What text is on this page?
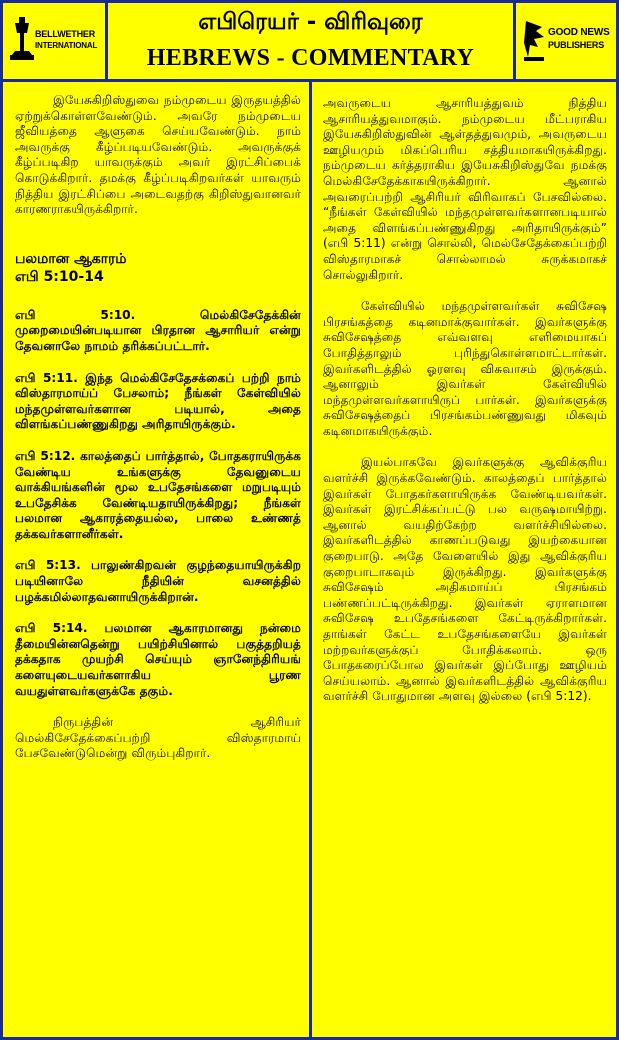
BELLWETHER
INTERNATIONAL
எபிரெயர் - விரிவுரை
HEBREWS - COMMENTARY
GOOD NEWS
PUBLISHERS

இயேசுகிறிஸ்துவை நம்முடைய இருதயத்தில் ஏற்றுக்கொள்ளவேண்டும். அவரே நம்முடைய ஜீவியத்தை ஆளுகை செய்யவேண்டும். நாம் அவருக்கு கீழ்ப்படியவேண்டும். அவருக்குக் கீழ்ப்படிகிற யாவருக்கும் அவர் இரட்சிப்பைக் கொடுக்கிறார். தமக்கு கீழ்ப்படிகிறவர்கள் யாவரும் நித்திய இரட்சிப்பை அடைவதற்கு கிறிஸ்துவானவர் காரணராகயிருக்கிறார்.

பலமான ஆகாரம்
எபி 5:10-14

எபி 5:10. மெல்கிசேதேக்கின் முறைமையின்படியான பிரதான ஆசாரியர் என்று தேவனாலே நாமம் தரிக்கப்பட்டார்.

எபி 5:11. இந்த மெல்கிசேதேசக்கைப் பற்றி நாம் விஸ்தாரமாய்ப் பேசலாம்; நீங்கள் கேள்வியில் மந்தமுள்ளவர்களான படியால், அதை விளங்கப்பண்ணுகிறது அரிதாயிருக்கும்.

எபி 5:12. காலத்தைப் பார்த்தால், போதகராயிருக்க வேண்டிய உங்களுக்கு தேவனுடைய வாக்கியங்களின் மூல உபதேசங்களை மறுபடியும் உபதேசிக்க வேண்டியதாயிருக்கிறது; நீங்கள் பலமான ஆகாரத்தையல்ல, பாலை உண்ணத் தக்கவர்களானீர்கள்.

எபி 5:13. பாலுண்கிறவன் குழந்தையாயிருக்கிற படியினாலே நீதியின் வசனத்தில் பழக்கமில்லாதவனாயிருக்கிறான்.

எபி 5:14. பலமான ஆகாரமானது நன்மை தீமையின்னதென்று பயிற்சியினால் பகுத்தறியத் தக்கதாக முயற்சி செய்யும் ஞானேந்திரியங் களையுடையவர்களாகிய பூரண வயதுள்ளவர்களுக்கே தகும்.

நிருபத்தின் ஆசிரியர் மெல்கிசேதேக்கைப்பற்றி விஸ்தாரமாய் பேசவேண்டுமென்று விரும்புகிறார்.

அவருடைய ஆசாரியத்துவம் நித்திய ஆசாரியத்துவமாகும். நம்முடைய மீட்பராகிய இயேசுகிறிஸ்துவின் ஆள்தத்துவமும், அவருடைய ஊழியமும் மிகப்பெரிய சத்தியமாகயிருக்கிறது. நம்முடைய கர்த்தராகிய இயேசுகிறிஸ்துவே நமக்கு மெல்கிசேதேக்காகயிருக்கிறார். ஆனால் அவரைப்பற்றி ஆசிரியர் விரிவாகப் பேசவில்லை. “நீங்கள் கேள்வியில் மந்தமுள்ளவர்களானபடியால் அதை விளங்கப்பண்ணுகிறது அரிதாயிருக்கும்” (எபி 5:11) என்று சொல்லி, மெல்சேதேக்கைப்பற்றி விஸ்தாரமாகச் சொல்லாமல் சுருக்கமாகச் சொல்லுகிறார்.

கேள்வியில் மந்தமுள்ளவர்கள் சுவிசேஷ பிரசங்கத்தை கடினமாக்குவார்கள். இவர்களுக்கு சுவிசேஷத்தை எவ்வளவு எளிமையாகப் போதித்தாலும் புரிந்துகொள்ளமாட்டார்கள். இவர்களிடத்தில் ஓரளவு விசுவாசம் இருக்கும். ஆனாலும் இவர்கள் கேள்வியில் மந்தமுள்ளவர்களாயிருப் பார்கள். இவர்களுக்கு சுவிசேஷத்தைப் பிரசங்கம்பண்ணுவது மிகவும் கடினமாகயிருக்கும்.

இயல்பாகவே இவர்களுக்கு ஆவிக்குரிய வளர்ச்சி இருக்கவேண்டும். காலத்தைப் பார்த்தால் இவர்கள் போதகர்களாயிருக்க வேண்டியவர்கள். இவர்கள் இரட்சிக்கப்பட்டு பல வருஷமாயிற்று. ஆனால் வயதிற்கேற்ற வளர்ச்சியில்லை. இவர்களிடத்தில் காணப்படுவது இயற்கையான குறைபாடு. அதே வேளையில் இது ஆவிக்குரிய குறைபாடாகவும் இருக்கிறது. இவர்களுக்கு சுவிசேஷம் அதிகமாய்ப் பிரசங்கம் பண்ணப்பட்டிருக்கிறது. இவர்கள் ஏராளமான சுவிசேஷ உபதேசங்களை கேட்டிருக்கிறார்கள். தாங்கள் கேட்ட உபதேசங்களையே இவர்கள் மற்றவர்களுக்குப் போதிக்கலாம். ஒரு போதகரைப்போல இவர்கள் இப்போது ஊழியம் செய்யலாம். ஆனால் இவர்களிடத்தில் ஆவிக்குரிய வளர்ச்சி போதுமான அளவு இல்லை (எபி 5:12).
